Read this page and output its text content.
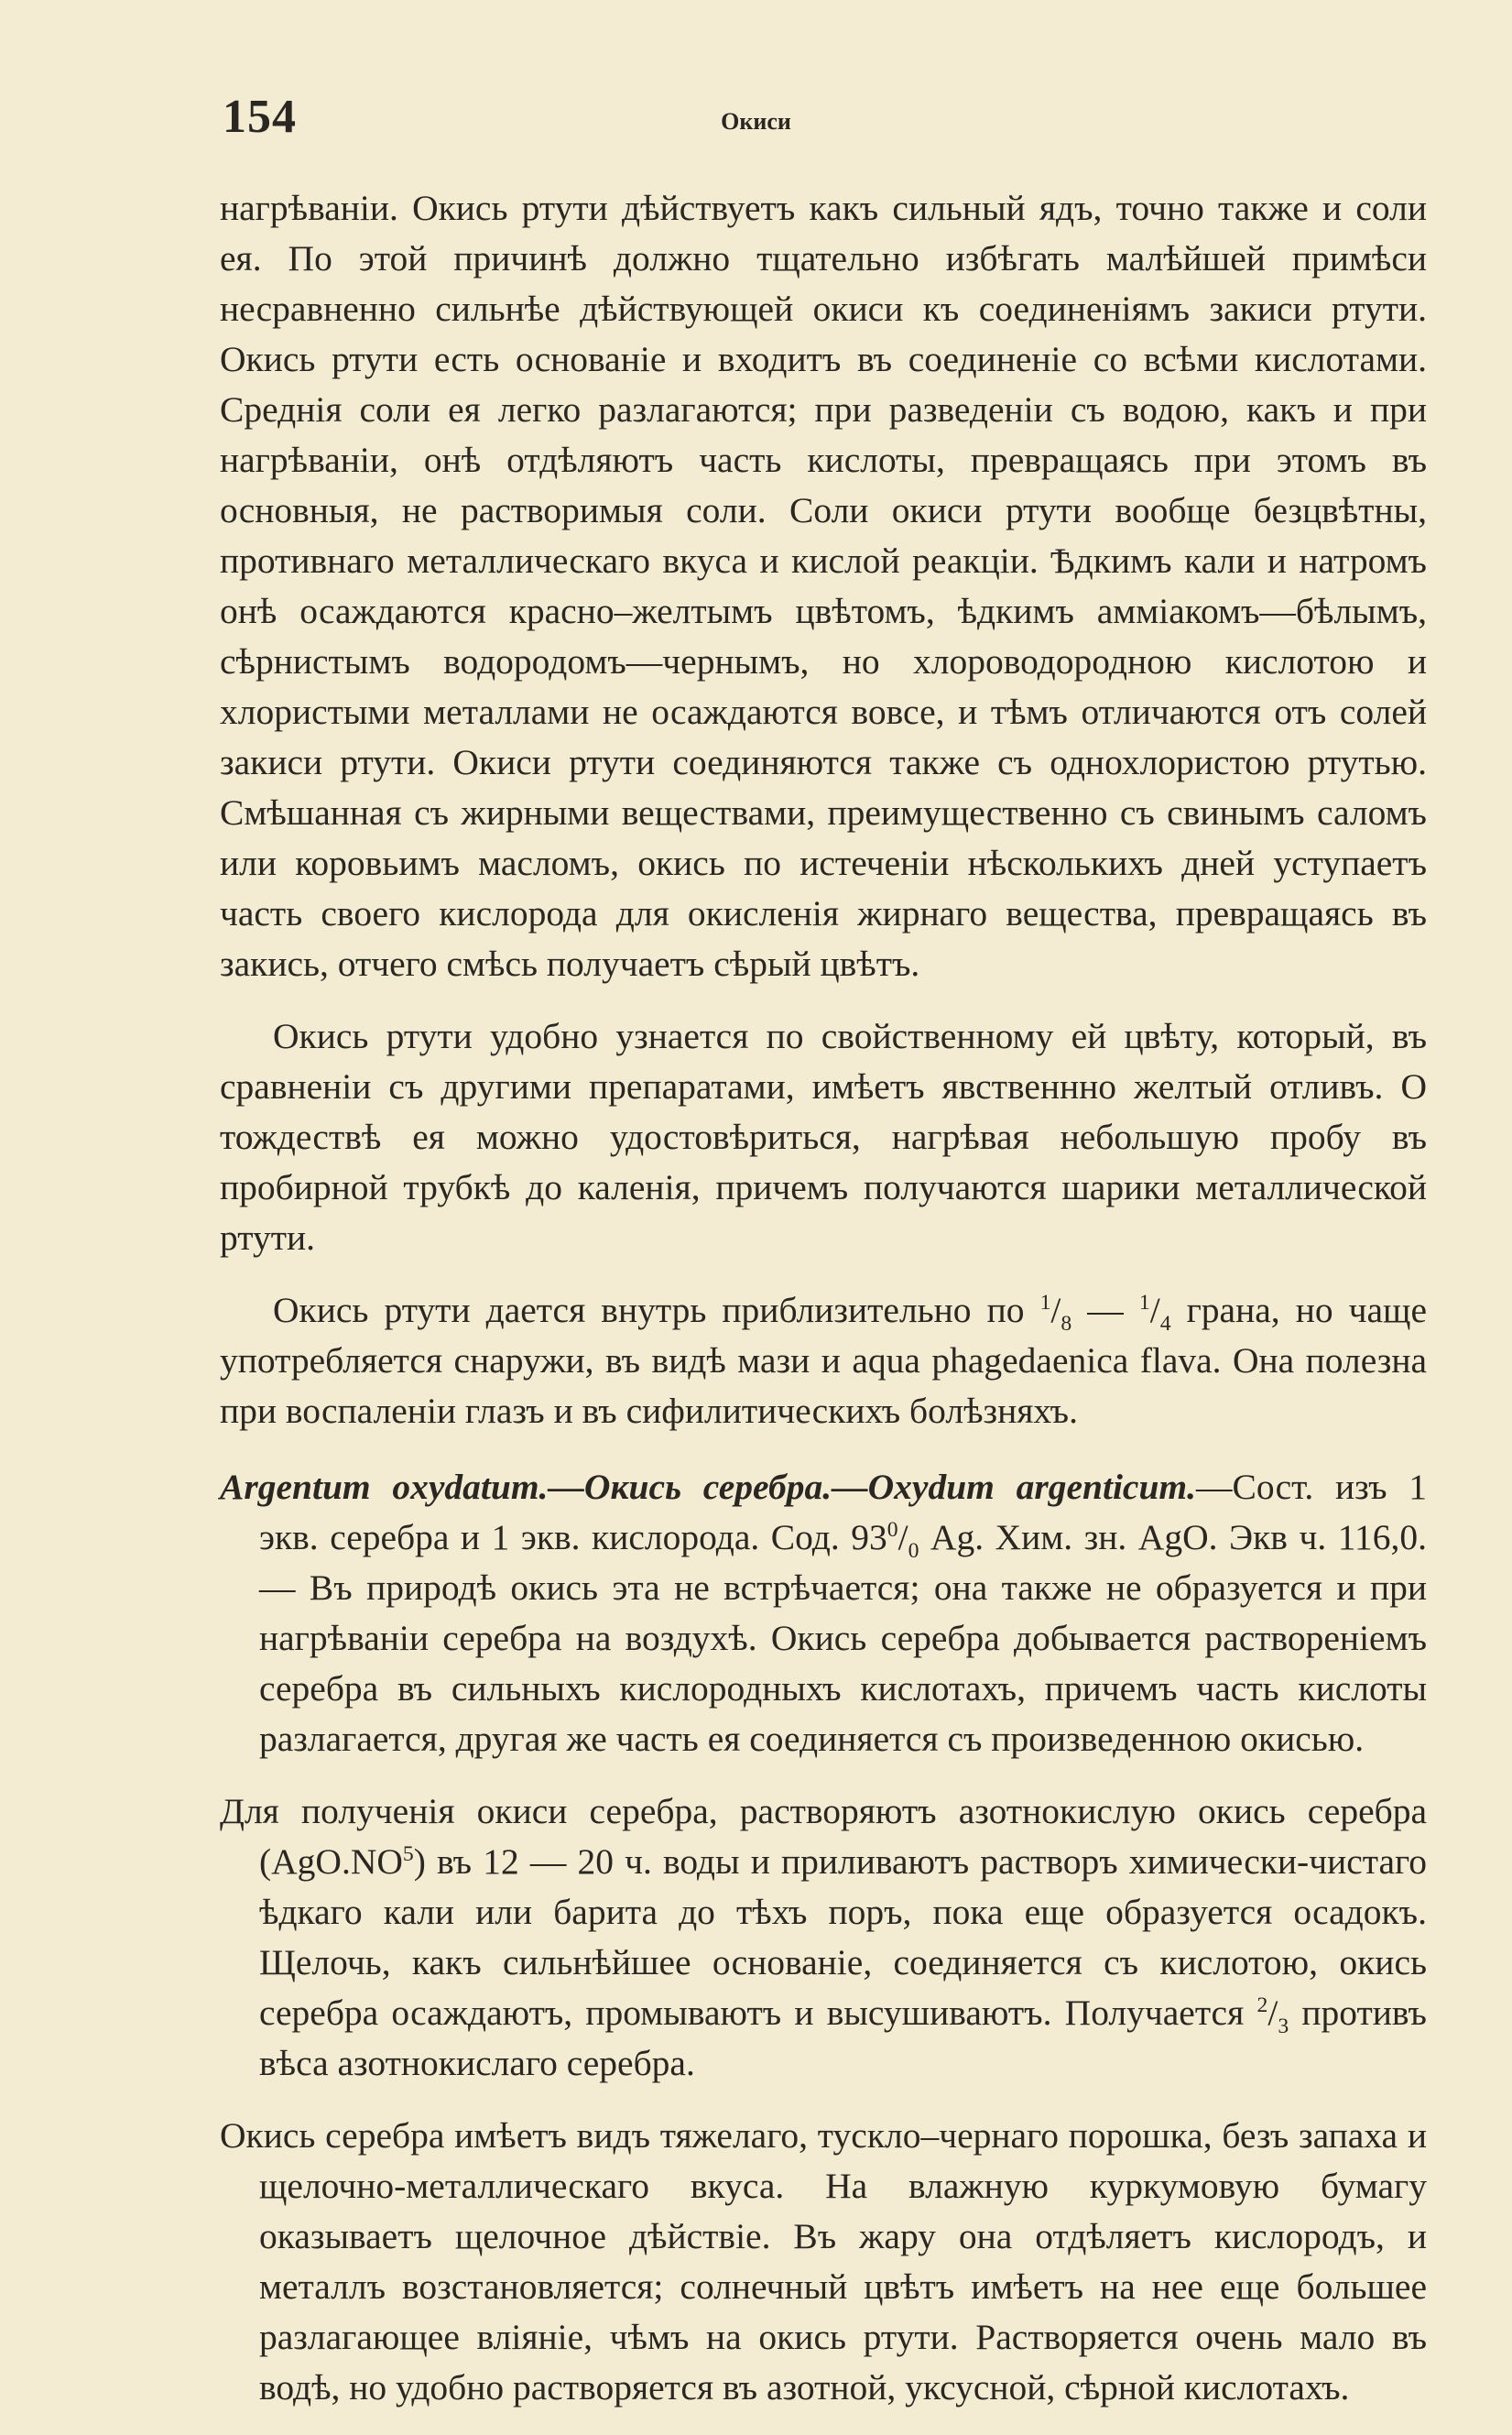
154	Окиси

нагрѣваніи. Окись ртути дѣйствуетъ какъ сильный ядъ, точно также и соли ея. По этой причинѣ должно тщательно избѣгать малѣйшей примѣси несравненно сильнѣе дѣйствующей окиси къ соединеніямъ закиси ртути. Окись ртути есть основаніе и входитъ въ соединеніе со всѣми кислотами. Среднія соли ея легко разлагаются; при разведеніи съ водою, какъ и при нагрѣваніи, онѣ отдѣляютъ часть кислоты, превращаясь при этомъ въ основныя, не растворимыя соли. Соли окиси ртути вообще безцвѣтны, противнаго металлическаго вкуса и кислой реакціи. Ѣдкимъ кали и натромъ онѣ осаждаются красно–желтымъ цвѣтомъ, ѣдкимъ аммiакомъ—бѣлымъ, сѣрнистымъ водородомъ—чернымъ, но хлороводородною кислотою и хлористыми металлами не осаждаются вовсе, и тѣмъ отличаются отъ солей закиси ртути. Окиси ртути соединяются также съ однохлористою ртутью. Смѣшанная съ жирными веществами, преимущественно съ свинымъ саломъ или коровьимъ масломъ, окись по истеченіи нѣсколькихъ дней уступаетъ часть своего кислорода для окисленія жирнаго вещества, превращаясь въ закись, отчего смѣсь получаетъ сѣрый цвѣтъ.

Окись ртути удобно узнается по свойственному ей цвѣту, который, въ сравненіи съ другими препаратами, имѣетъ явственнно желтый отливъ. О тождествѣ ея можно удостовѣриться, нагрѣвая небольшую пробу въ пробирной трубкѣ до каленія, причемъ получаются шарики металлической ртути.

Окись ртути дается внутрь приблизительно по $^1/_8$ — $^1/_4$ грана, но чаще употребляется снаружи, въ видѣ мази и aqua phagedaenica flava. Она полезна при воспаленіи глазъ и въ сифилитическихъ болѣзняхъ.

Argentum oxydatum.—Окись серебра.—Oxydum argenticum.—Сост. изъ 1 экв. серебра и 1 экв. кислорода. Сод. $93^0/_0$ Ag. Хим. зн. AgO. Экв ч. 116,0. — Въ природѣ окись эта не встрѣчается; она также не образуется и при нагрѣваніи серебра на воздухѣ. Окись серебра добывается раствореніемъ серебра въ сильныхъ кислородныхъ кислотахъ, причемъ часть кислоты разлагается, другая же часть ея соединяется съ произведенною окисью.

Для полученія окиси серебра, растворяютъ азотнокислую окись серебра $(AgO.NO^5)$ въ 12 — 20 ч. воды и приливаютъ растворъ химически-чистаго ѣдкаго кали или барита до тѣхъ поръ, пока еще образуется осадокъ. Щелочь, какъ сильнѣйшее основаніе, соединяется съ кислотою, окись серебра осаждаютъ, промываютъ и высушиваютъ. Получается $^2/_3$ противъ вѣса азотнокислаго серебра.

Окись серебра имѣетъ видъ тяжелаго, тускло–чернаго порошка, безъ запаха и щелочно-металлическаго вкуса. На влажную куркумовую бумагу оказываетъ щелочное дѣйствіе. Въ жару она отдѣляетъ кислородъ, и металлъ возстановляется; солнечный цвѣтъ имѣетъ на нее еще большее разлагающее вліяніе, чѣмъ на окись ртути. Растворяется очень мало въ водѣ, но удобно растворяется въ азотной, уксусной, сѣрной кислотахъ.
